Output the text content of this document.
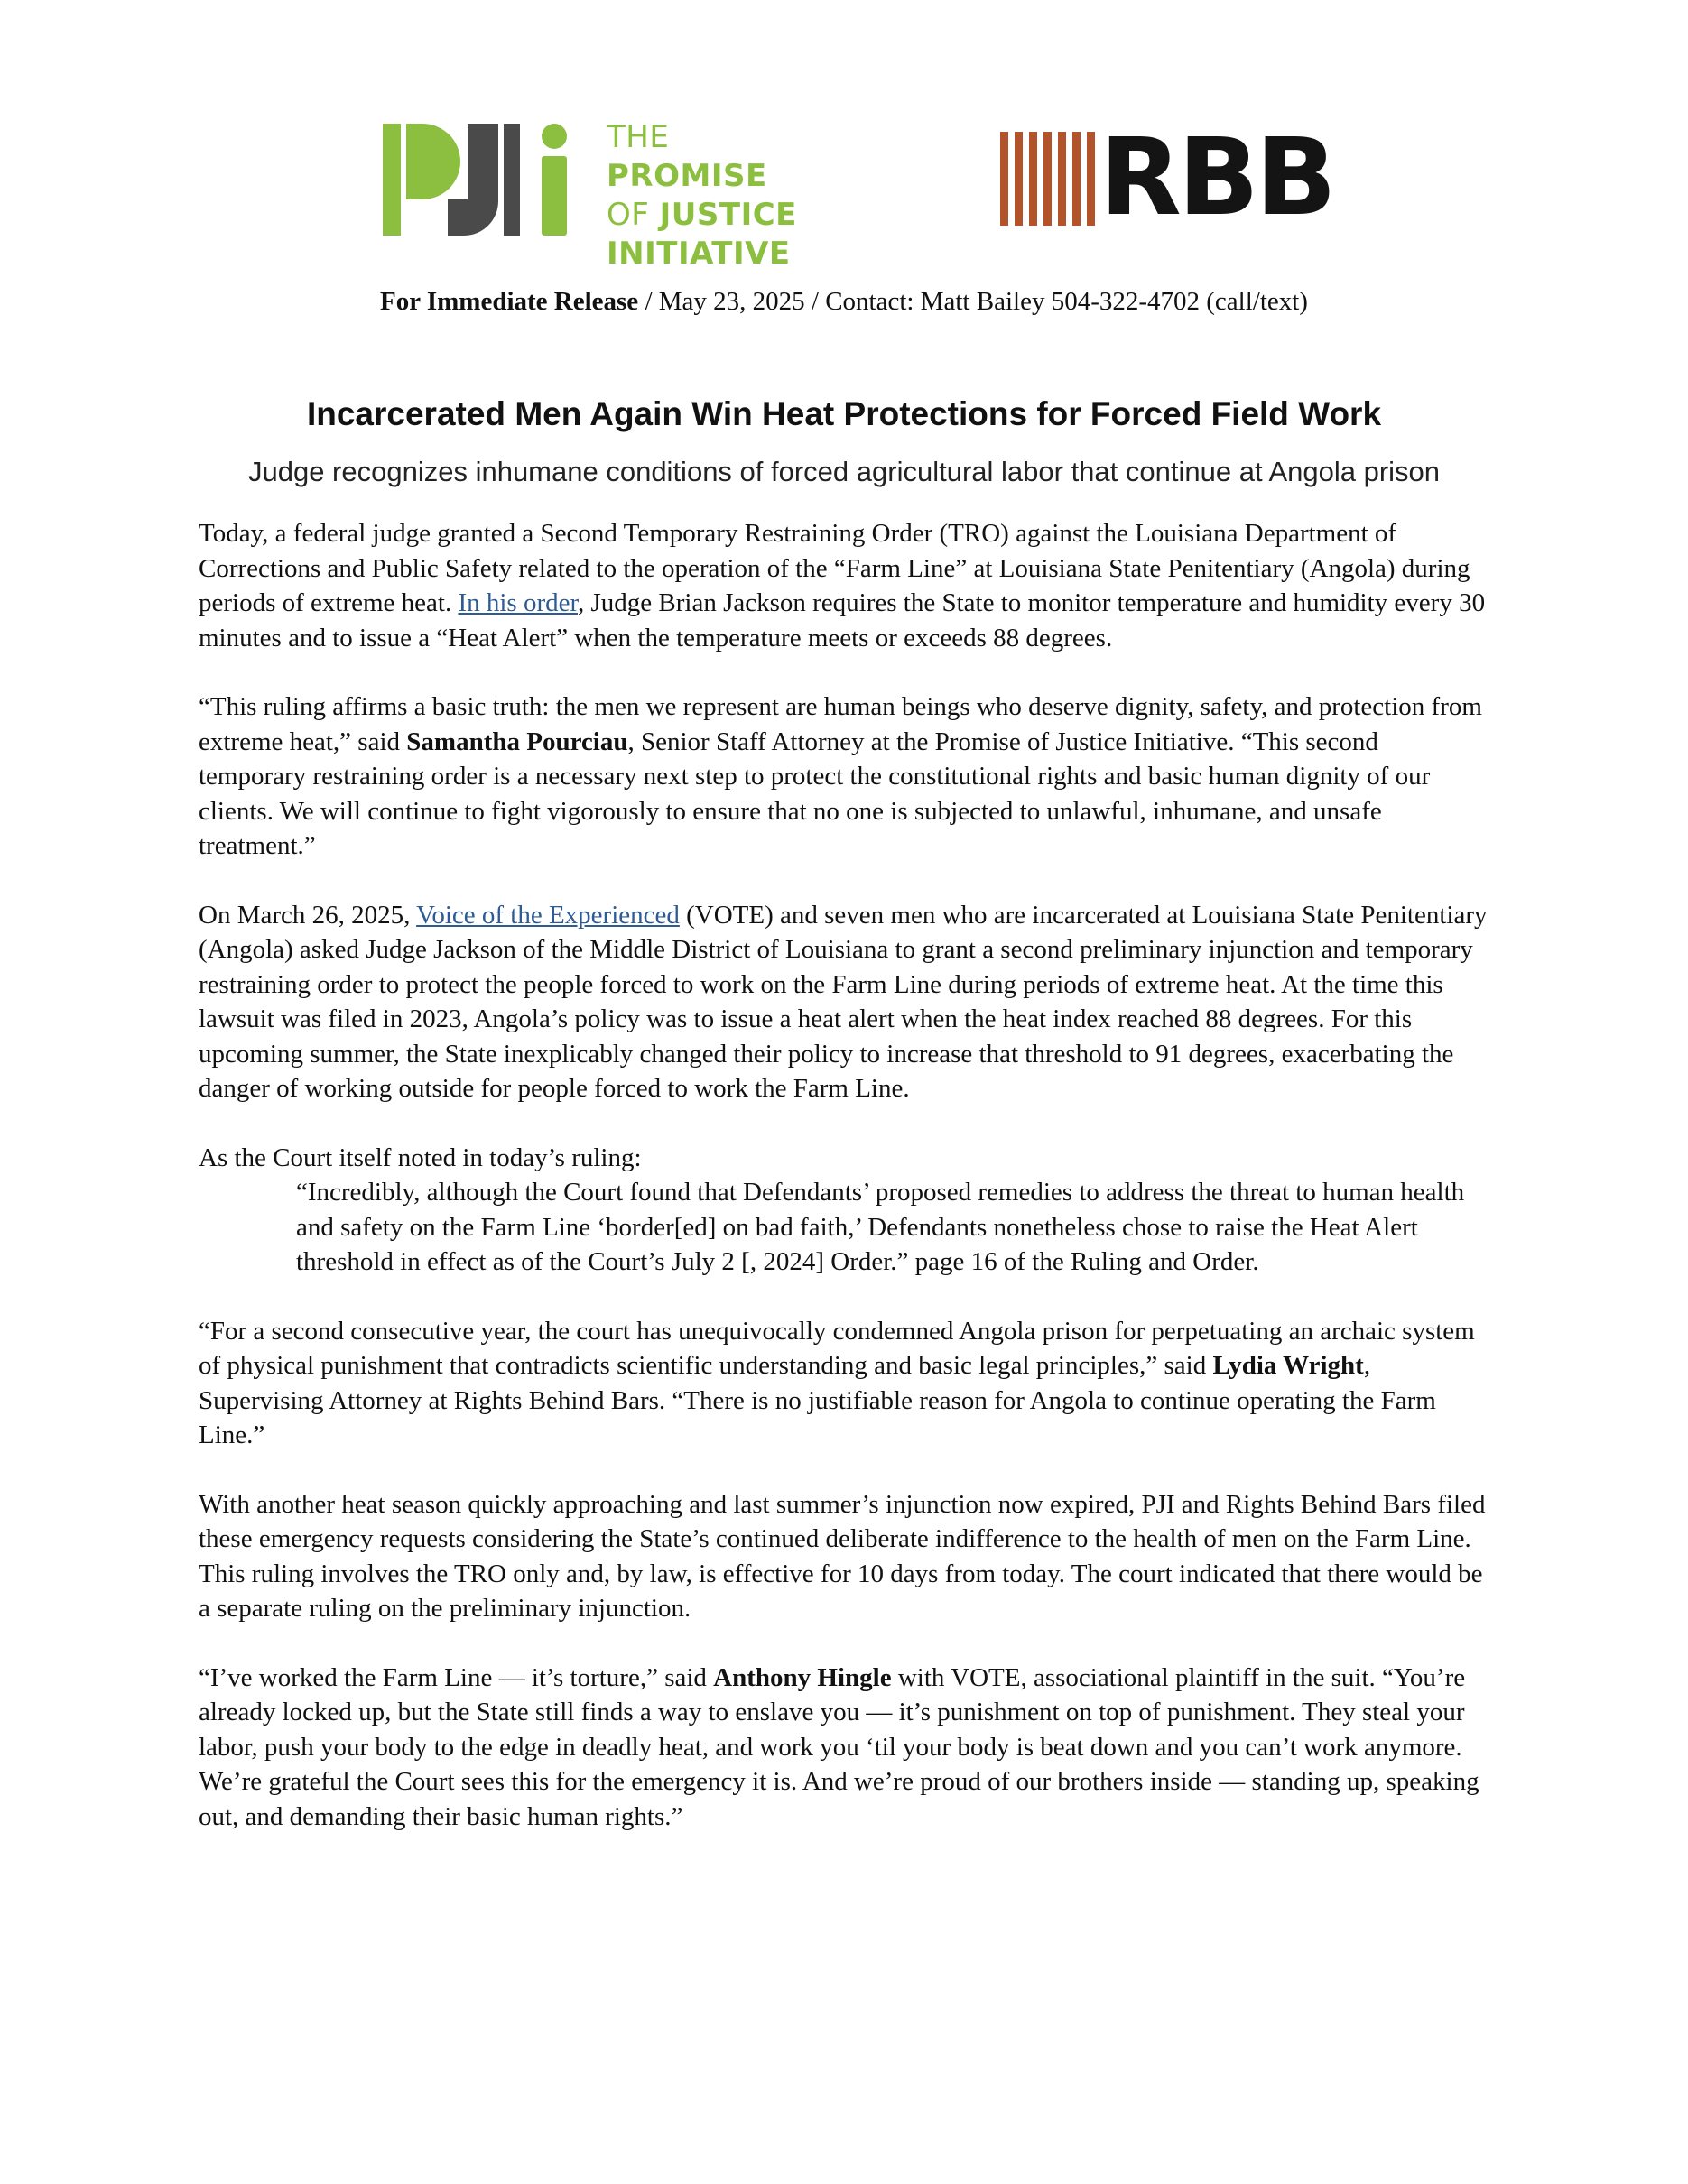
THE PROMISE
OF JUSTICE
INITIATIVE
RBB
For Immediate Release / May 23, 2025 / Contact: Matt Bailey 504-322-4702 (call/text)
Incarcerated Men Again Win Heat Protections for Forced Field Work
Judge recognizes inhumane conditions of forced agricultural labor that continue at Angola prison

Today, a federal judge granted a Second Temporary Restraining Order (TRO) against the Louisiana Department of Corrections and Public Safety related to the operation of the “Farm Line” at Louisiana State Penitentiary (Angola) during periods of extreme heat. In his order, Judge Brian Jackson requires the State to monitor temperature and humidity every 30 minutes and to issue a “Heat Alert” when the temperature meets or exceeds 88 degrees.

“This ruling affirms a basic truth: the men we represent are human beings who deserve dignity, safety, and protection from extreme heat,” said Samantha Pourciau, Senior Staff Attorney at the Promise of Justice Initiative. “This second temporary restraining order is a necessary next step to protect the constitutional rights and basic human dignity of our clients. We will continue to fight vigorously to ensure that no one is subjected to unlawful, inhumane, and unsafe treatment.”

On March 26, 2025, Voice of the Experienced (VOTE) and seven men who are incarcerated at Louisiana State Penitentiary (Angola) asked Judge Jackson of the Middle District of Louisiana to grant a second preliminary injunction and temporary restraining order to protect the people forced to work on the Farm Line during periods of extreme heat. At the time this lawsuit was filed in 2023, Angola’s policy was to issue a heat alert when the heat index reached 88 degrees. For this upcoming summer, the State inexplicably changed their policy to increase that threshold to 91 degrees, exacerbating the danger of working outside for people forced to work the Farm Line.

As the Court itself noted in today’s ruling:

“Incredibly, although the Court found that Defendants’ proposed remedies to address the threat to human health and safety on the Farm Line ‘border[ed] on bad faith,’ Defendants nonetheless chose to raise the Heat Alert threshold in effect as of the Court’s July 2 [, 2024] Order.” page 16 of the Ruling and Order.

“For a second consecutive year, the court has unequivocally condemned Angola prison for perpetuating an archaic system of physical punishment that contradicts scientific understanding and basic legal principles,” said Lydia Wright, Supervising Attorney at Rights Behind Bars. “There is no justifiable reason for Angola to continue operating the Farm Line.”

With another heat season quickly approaching and last summer’s injunction now expired, PJI and Rights Behind Bars filed these emergency requests considering the State’s continued deliberate indifference to the health of men on the Farm Line. This ruling involves the TRO only and, by law, is effective for 10 days from today. The court indicated that there would be a separate ruling on the preliminary injunction.

“I’ve worked the Farm Line — it’s torture,” said Anthony Hingle with VOTE, associational plaintiff in the suit. “You’re already locked up, but the State still finds a way to enslave you — it’s punishment on top of punishment. They steal your labor, push your body to the edge in deadly heat, and work you ‘til your body is beat down and you can’t work anymore. We’re grateful the Court sees this for the emergency it is. And we’re proud of our brothers inside — standing up, speaking out, and demanding their basic human rights.”
